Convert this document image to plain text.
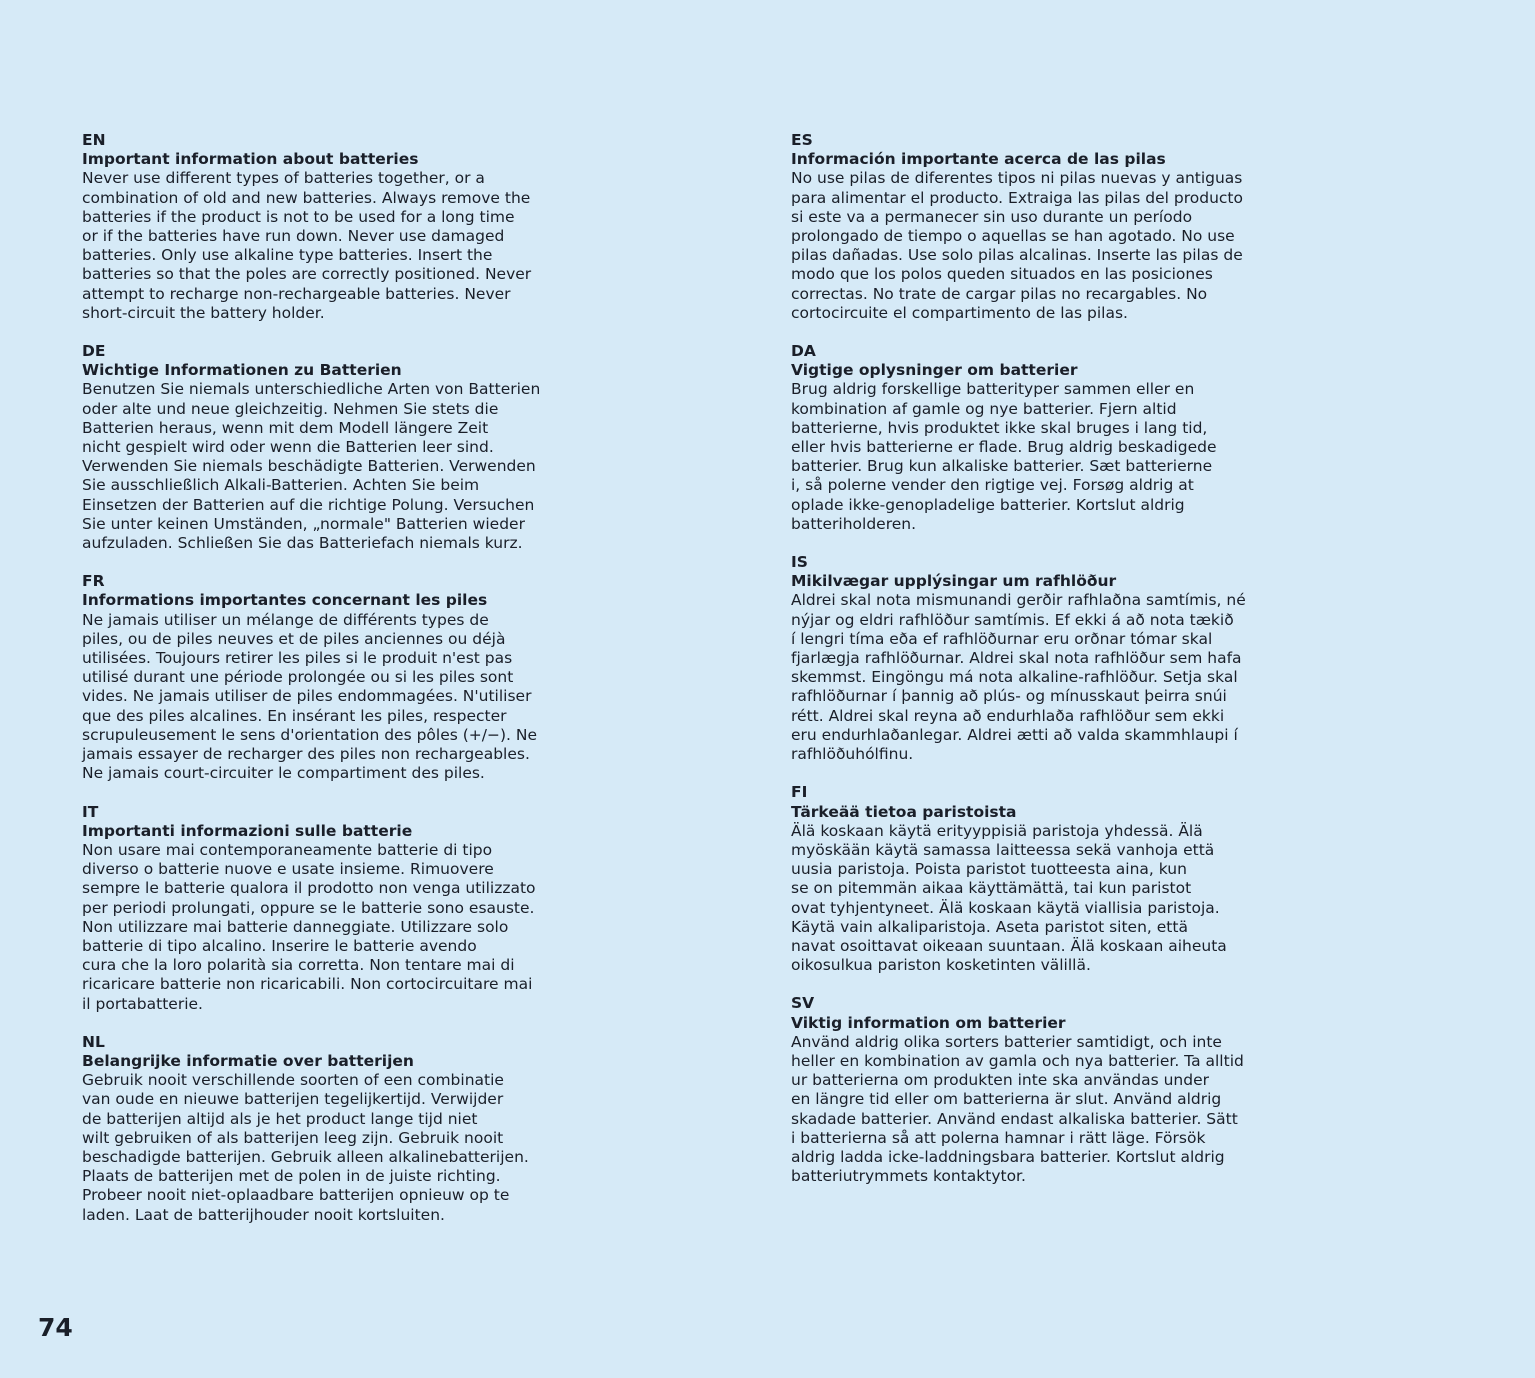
EN
Important information about batteries
Never use different types of batteries together, or a
combination of old and new batteries. Always remove the
batteries if the product is not to be used for a long time
or if the batteries have run down. Never use damaged
batteries. Only use alkaline type batteries. Insert the
batteries so that the poles are correctly positioned. Never
attempt to recharge non-rechargeable batteries. Never
short-circuit the battery holder.
DE
Wichtige Informationen zu Batterien
Benutzen Sie niemals unterschiedliche Arten von Batterien
oder alte und neue gleichzeitig. Nehmen Sie stets die
Batterien heraus, wenn mit dem Modell längere Zeit
nicht gespielt wird oder wenn die Batterien leer sind.
Verwenden Sie niemals beschädigte Batterien. Verwenden
Sie ausschließlich Alkali-Batterien. Achten Sie beim
Einsetzen der Batterien auf die richtige Polung. Versuchen
Sie unter keinen Umständen, „normale" Batterien wieder
aufzuladen. Schließen Sie das Batteriefach niemals kurz.
FR
Informations importantes concernant les piles
Ne jamais utiliser un mélange de différents types de
piles, ou de piles neuves et de piles anciennes ou déjà
utilisées. Toujours retirer les piles si le produit n'est pas
utilisé durant une période prolongée ou si les piles sont
vides. Ne jamais utiliser de piles endommagées. N'utiliser
que des piles alcalines. En insérant les piles, respecter
scrupuleusement le sens d'orientation des pôles (+/−). Ne
jamais essayer de recharger des piles non rechargeables.
Ne jamais court-circuiter le compartiment des piles.
IT
Importanti informazioni sulle batterie
Non usare mai contemporaneamente batterie di tipo
diverso o batterie nuove e usate insieme. Rimuovere
sempre le batterie qualora il prodotto non venga utilizzato
per periodi prolungati, oppure se le batterie sono esauste.
Non utilizzare mai batterie danneggiate. Utilizzare solo
batterie di tipo alcalino. Inserire le batterie avendo
cura che la loro polarità sia corretta. Non tentare mai di
ricaricare batterie non ricaricabili. Non cortocircuitare mai
il portabatterie.
NL
Belangrijke informatie over batterijen
Gebruik nooit verschillende soorten of een combinatie
van oude en nieuwe batterijen tegelijkertijd. Verwijder
de batterijen altijd als je het product lange tijd niet
wilt gebruiken of als batterijen leeg zijn. Gebruik nooit
beschadigde batterijen. Gebruik alleen alkalinebatterijen.
Plaats de batterijen met de polen in de juiste richting.
Probeer nooit niet-oplaadbare batterijen opnieuw op te
laden. Laat de batterijhouder nooit kortsluiten.
ES
Información importante acerca de las pilas
No use pilas de diferentes tipos ni pilas nuevas y antiguas
para alimentar el producto. Extraiga las pilas del producto
si este va a permanecer sin uso durante un período
prolongado de tiempo o aquellas se han agotado. No use
pilas dañadas. Use solo pilas alcalinas. Inserte las pilas de
modo que los polos queden situados en las posiciones
correctas. No trate de cargar pilas no recargables. No
cortocircuite el compartimento de las pilas.
DA
Vigtige oplysninger om batterier
Brug aldrig forskellige batterityper sammen eller en
kombination af gamle og nye batterier. Fjern altid
batterierne, hvis produktet ikke skal bruges i lang tid,
eller hvis batterierne er flade. Brug aldrig beskadigede
batterier. Brug kun alkaliske batterier. Sæt batterierne
i, så polerne vender den rigtige vej. Forsøg aldrig at
oplade ikke-genopladelige batterier. Kortslut aldrig
batteriholderen.
IS
Mikilvægar upplýsingar um rafhlöður
Aldrei skal nota mismunandi gerðir rafhlaðna samtímis, né
nýjar og eldri rafhlöður samtímis. Ef ekki á að nota tækið
í lengri tíma eða ef rafhlöðurnar eru orðnar tómar skal
fjarlægja rafhlöðurnar. Aldrei skal nota rafhlöður sem hafa
skemmst. Eingöngu má nota alkaline-rafhlöður. Setja skal
rafhlöðurnar í þannig að plús- og mínusskaut þeirra snúi
rétt. Aldrei skal reyna að endurhlaða rafhlöður sem ekki
eru endurhlaðanlegar. Aldrei ætti að valda skammhlaupi í
rafhlöðuhólfinu.
FI
Tärkeää tietoa paristoista
Älä koskaan käytä erityyppisiä paristoja yhdessä. Älä
myöskään käytä samassa laitteessa sekä vanhoja että
uusia paristoja. Poista paristot tuotteesta aina, kun
se on pitemmän aikaa käyttämättä, tai kun paristot
ovat tyhjentyneet. Älä koskaan käytä viallisia paristoja.
Käytä vain alkaliparistoja. Aseta paristot siten, että
navat osoittavat oikeaan suuntaan. Älä koskaan aiheuta
oikosulkua pariston kosketinten välillä.
SV
Viktig information om batterier
Använd aldrig olika sorters batterier samtidigt, och inte
heller en kombination av gamla och nya batterier. Ta alltid
ur batterierna om produkten inte ska användas under
en längre tid eller om batterierna är slut. Använd aldrig
skadade batterier. Använd endast alkaliska batterier. Sätt
i batterierna så att polerna hamnar i rätt läge. Försök
aldrig ladda icke-laddningsbara batterier. Kortslut aldrig
batteriutrymmets kontaktytor.
74
